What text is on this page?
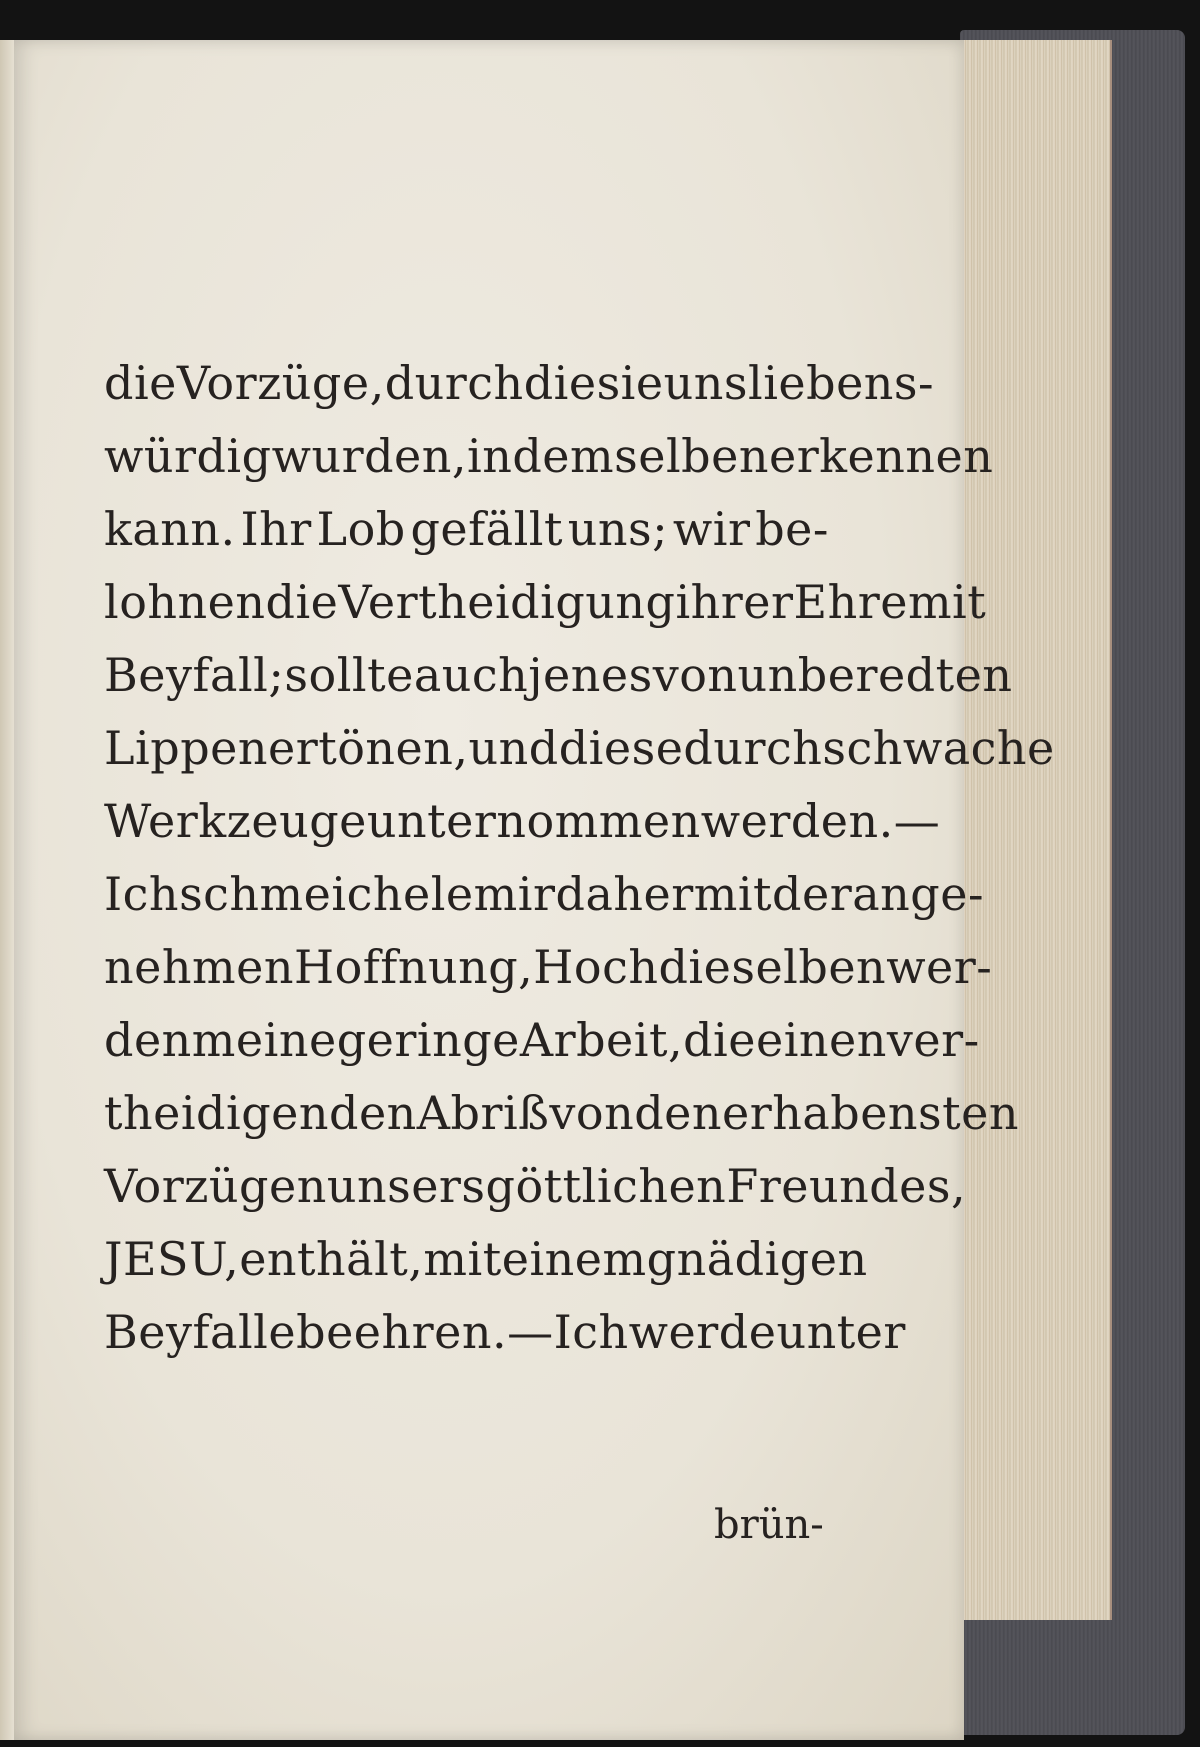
die Vorzüge, durch die sie uns liebens-
würdig wurden, in demselben erkennen
kann. Ihr Lob gefällt uns; wir be-
lohnen die Vertheidigung ihrer Ehre mit
Beyfall; sollte auch jenes von unberedten
Lippen ertönen, und diese durch schwache
Werkzeuge unternommen werden. —
Ich schmeichele mir daher mit der ange-
nehmen Hoffnung, Hochdieselben wer-
den meine geringe Arbeit, die einen ver-
theidigenden Abriß von den erhabensten
Vorzügen unsers göttlichen Freundes,
JESU, enthält, mit einem gnädigen
Beyfalle beehren. — Ich werde unter
brün-
